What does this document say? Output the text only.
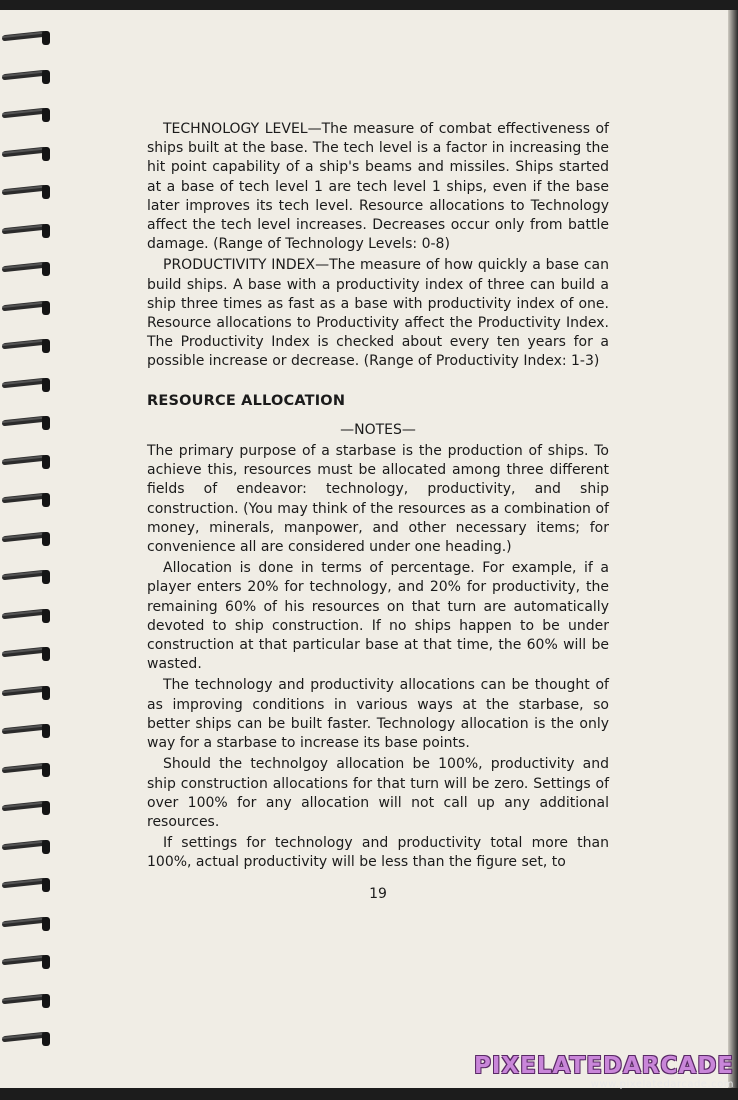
TECHNOLOGY LEVEL—The measure of combat effectiveness of ships built at the base. The tech level is a factor in increasing the hit point capability of a ship's beams and missiles. Ships started at a base of tech level 1 are tech level 1 ships, even if the base later improves its tech level. Resource allocations to Technology affect the tech level increases. Decreases occur only from battle damage. (Range of Technology Levels: 0-8)

PRODUCTIVITY INDEX—The measure of how quickly a base can build ships. A base with a productivity index of three can build a ship three times as fast as a base with productivity index of one. Resource allocations to Productivity affect the Productivity Index. The Productivity Index is checked about every ten years for a possible increase or decrease. (Range of Productivity Index: 1-3)

RESOURCE ALLOCATION
—NOTES—

The primary purpose of a starbase is the production of ships. To achieve this, resources must be allocated among three different fields of endeavor: technology, productivity, and ship construction. (You may think of the resources as a combination of money, minerals, manpower, and other necessary items; for convenience all are considered under one heading.)

Allocation is done in terms of percentage. For example, if a player enters 20% for technology, and 20% for productivity, the remaining 60% of his resources on that turn are automatically devoted to ship construction. If no ships happen to be under construction at that particular base at that time, the 60% will be wasted.

The technology and productivity allocations can be thought of as improving conditions in various ways at the starbase, so better ships can be built faster. Technology allocation is the only way for a starbase to increase its base points.

Should the technolgoy allocation be 100%, productivity and ship construction allocations for that turn will be zero. Settings of over 100% for any allocation will not call up any additional resources.

If settings for technology and productivity total more than 100%, actual productivity will be less than the figure set, to

19
PIXELATEDARCADE
www.pixelatedarcade.com
